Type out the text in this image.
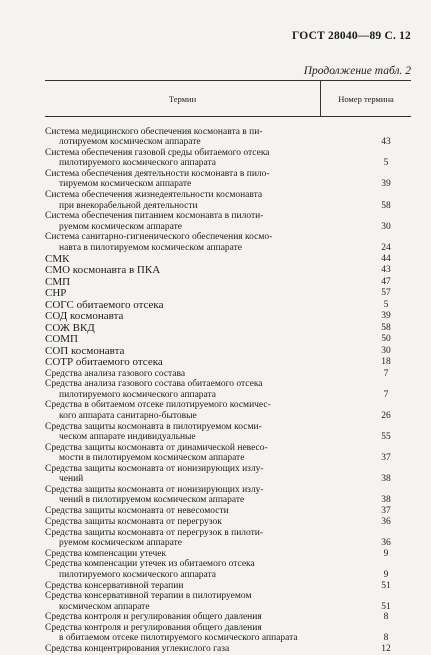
ГОСТ 28040—89 С. 12
Продолжение табл. 2
Термин	Номер термина
Система медицинского обеспечения космонавта в пи-
лотируемом космическом аппарате	43
Система обеспечения газовой среды обитаемого отсека
пилотируемого космического аппарата	5
Система обеспечения деятельности космонавта в пило-
тируемом космическом аппарате	39
Система обеспечения жизнедеятельности космонавта
при внекорабельной деятельности	58
Система обеспечения питанием космонавта в пилоти-
руемом космическом аппарате	30
Система санитарно-гигиенического обеспечения космо-
навта в пилотируемом космическом аппарате	24
СМК	44
СМО космонавта в ПКА	43
СМП	47
СНР	57
СОГС обитаемого отсека	5
СОД космонавта	39
СОЖ ВКД	58
СОМП	50
СОП космонавта	30
СОТР обитаемого отсека	18
Средства анализа газового состава	7
Средства анализа газового состава обитаемого отсека
пилотируемого космического аппарата	7
Средства в обитаемом отсеке пилотируемого космичес-
кого аппарата санитарно-бытовые	26
Средства защиты космонавта в пилотируемом косми-
ческом аппарате индивидуальные	55
Средства защиты космонавта от динамической невесо-
мости в пилотируемом космическом аппарате	37
Средства защиты космонавта от ионизирующих излу-
чений	38
Средства защиты космонавта от ионизирующих излу-
чений в пилотируемом космическом аппарате	38
Средства защиты космонавта от невесомости	37
Средства защиты космонавта от перегрузок	36
Средства защиты космонавта от перегрузок в пилоти-
руемом космическом аппарате	36
Средства компенсации утечек	9
Средства компенсации утечек из обитаемого отсека
пилотируемого космического аппарата	9
Средства консервативной терапии	51
Средства консервативной терапии в пилотируемом
космическом аппарате	51
Средства контроля и регулирования общего давления	8
Средства контроля и регулирования общего давления
в обитаемом отсеке пилотируемого космического аппарата	8
Средства концентрирования углекислого газа	12
